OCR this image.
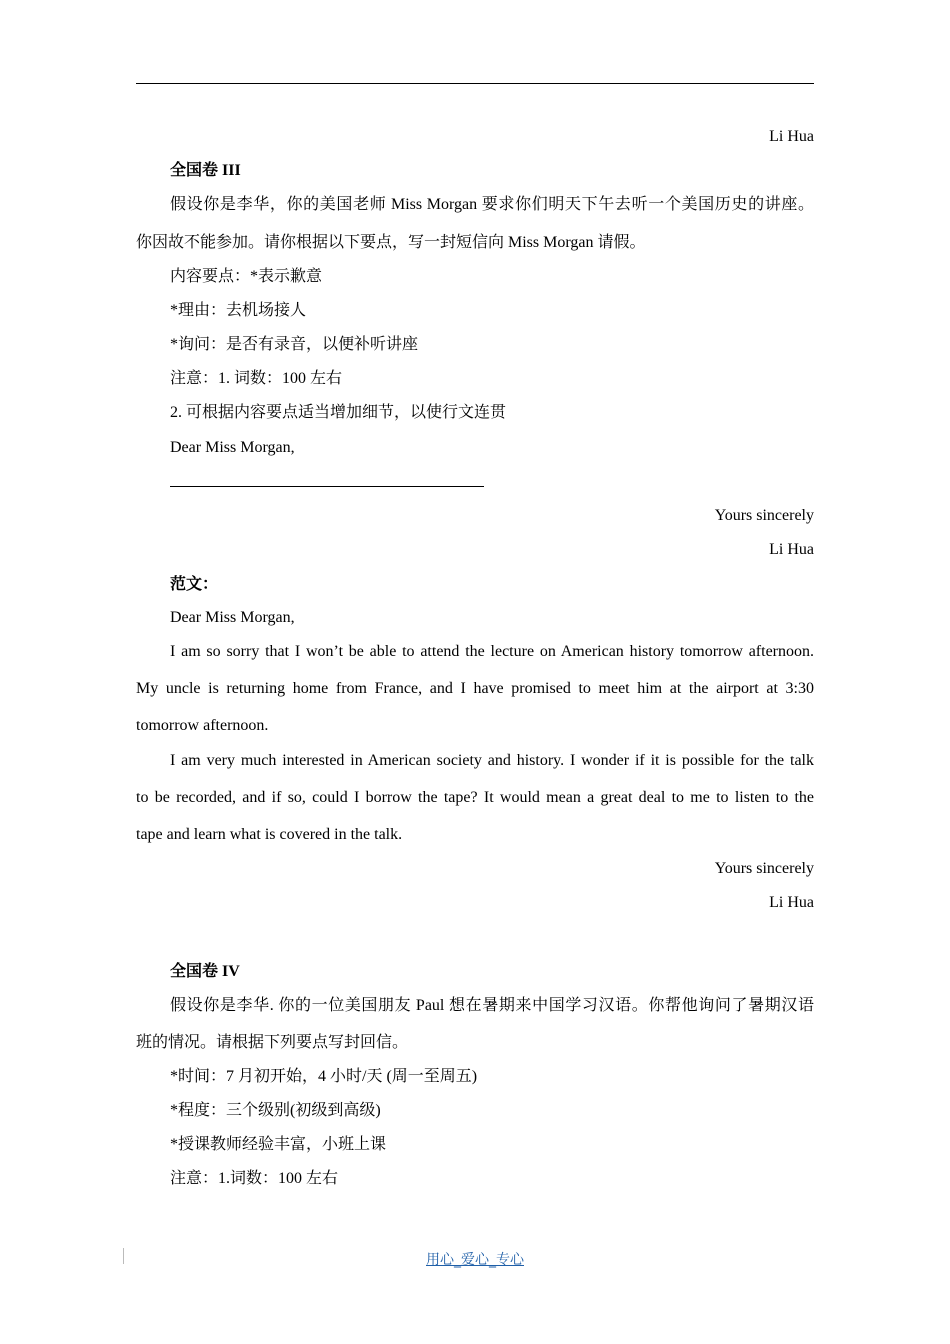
Li Hua
全国卷 III
假设你是李华，你的美国老师 Miss Morgan 要求你们明天下午去听一个美国历史的讲座。
你因故不能参加。请你根据以下要点，写一封短信向 Miss Morgan 请假。
内容要点：*表示歉意
*理由：去机场接人
*询问：是否有录音，以便补听讲座
注意：1. 词数：100 左右
2. 可根据内容要点适当增加细节，以使行文连贯
Dear Miss Morgan,
Yours sincerely
Li Hua
范文：
Dear Miss Morgan,
I am so sorry that I won’t be able to attend the lecture on American history tomorrow afternoon.
My uncle is returning home from France, and I have promised to meet him at the airport at 3:30
tomorrow afternoon.
I am very much interested in American society and history. I wonder if it is possible for the talk
to be recorded, and if so, could I borrow the tape? It would mean a great deal to me to listen to the
tape and learn what is covered in the talk.
Yours sincerely
Li Hua
全国卷 IV
假设你是李华. 你的一位美国朋友 Paul 想在暑期来中国学习汉语。你帮他询问了暑期汉语
班的情况。请根据下列要点写封回信。
*时间：7 月初开始，4 小时/天 (周一至周五)
*程度：三个级别(初级到高级)
*授课教师经验丰富，小班上课
注意：1.词数：100 左右
用心_爱心_专心
